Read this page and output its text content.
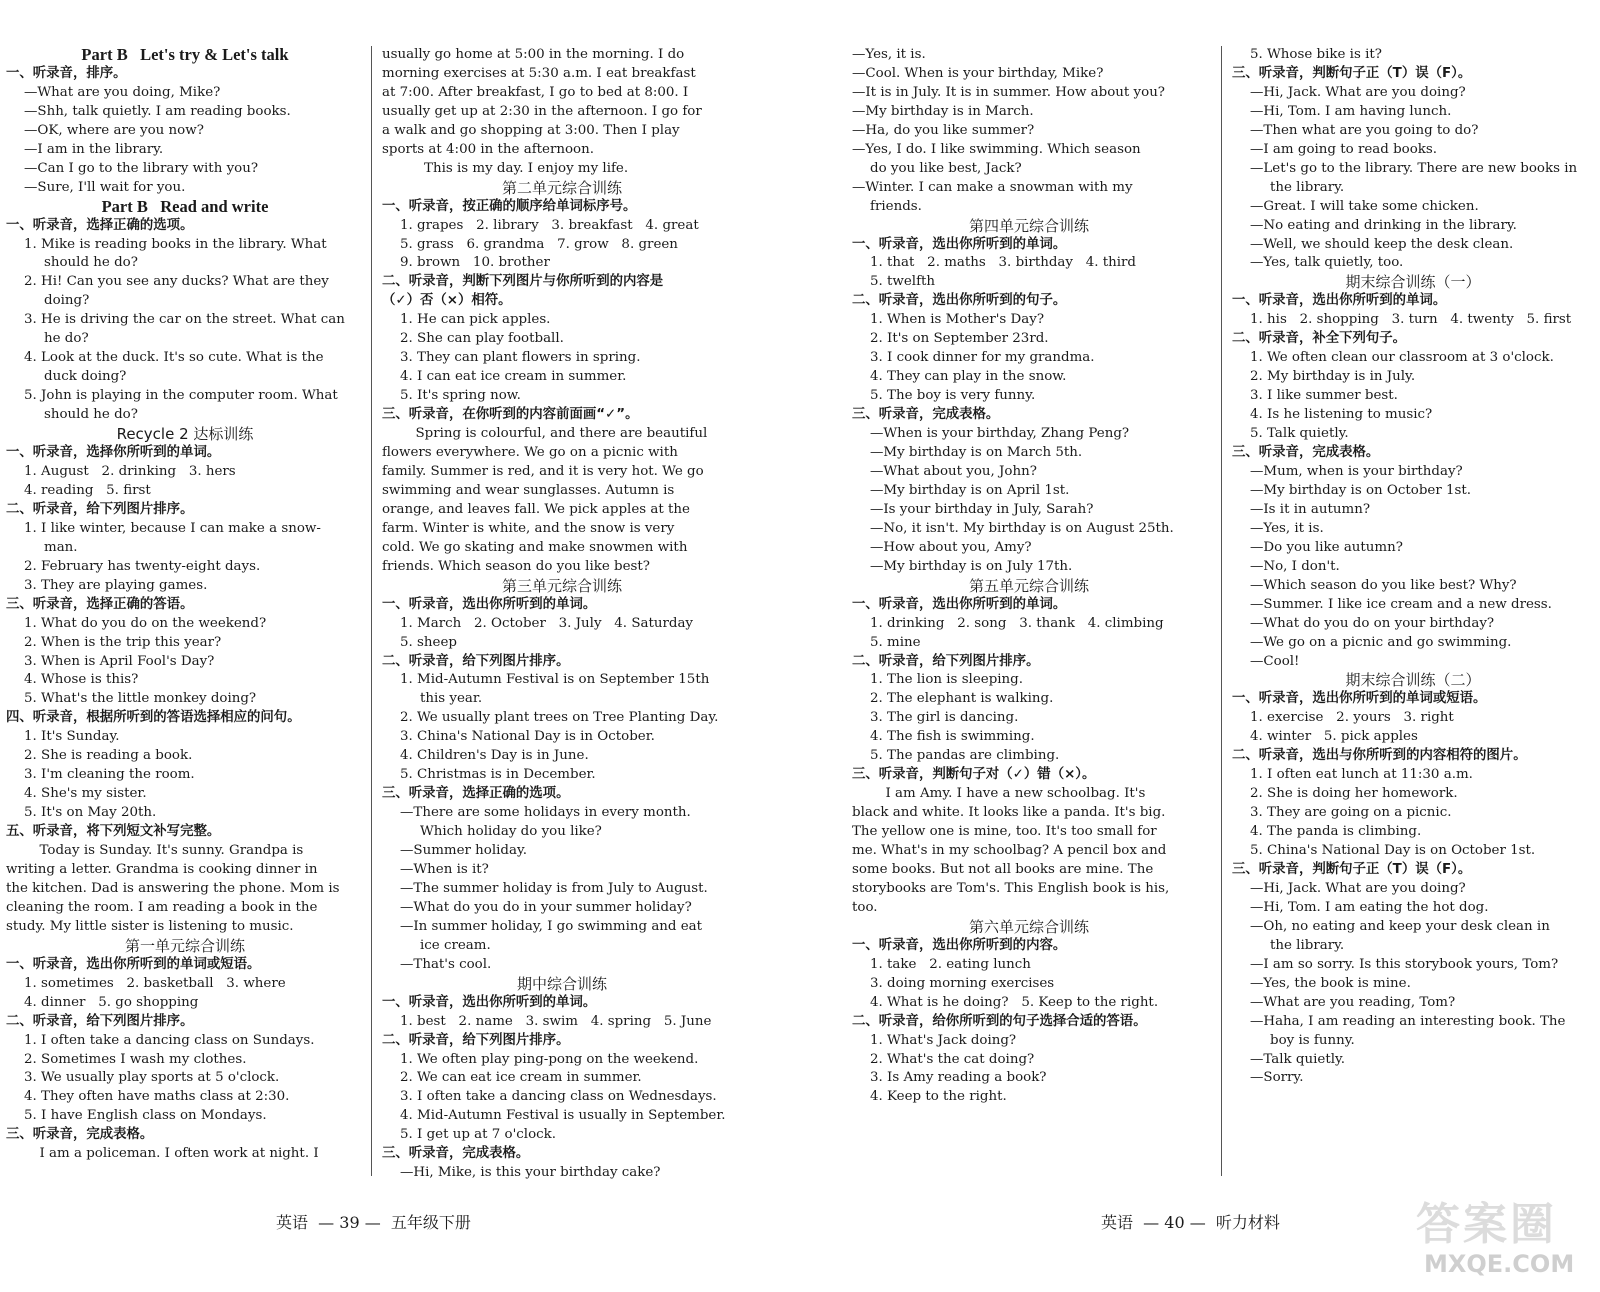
Part B   Let's try & Let's talk
一、听录音，排序。
—What are you doing, Mike?
—Shh, talk quietly. I am reading books.
—OK, where are you now?
—I am in the library.
—Can I go to the library with you?
—Sure, I'll wait for you.
Part B   Read and write
一、听录音，选择正确的选项。
1. Mike is reading books in the library. What
should he do?
2. Hi! Can you see any ducks? What are they
doing?
3. He is driving the car on the street. What can
he do?
4. Look at the duck. It's so cute. What is the
duck doing?
5. John is playing in the computer room. What
should he do?
Recycle 2 达标训练
一、听录音，选择你所听到的单词。
1. August   2. drinking   3. hers
4. reading   5. first
二、听录音，给下列图片排序。
1. I like winter, because I can make a snow-
man.
2. February has twenty-eight days.
3. They are playing games.
三、听录音，选择正确的答语。
1. What do you do on the weekend?
2. When is the trip this year?
3. When is April Fool's Day?
4. Whose is this?
5. What's the little monkey doing?
四、听录音，根据所听到的答语选择相应的问句。
1. It's Sunday.
2. She is reading a book.
3. I'm cleaning the room.
4. She's my sister.
5. It's on May 20th.
五、听录音，将下列短文补写完整。
Today is Sunday. It's sunny. Grandpa is
writing a letter. Grandma is cooking dinner in
the kitchen. Dad is answering the phone. Mom is
cleaning the room. I am reading a book in the
study. My little sister is listening to music.
第一单元综合训练
一、听录音，选出你所听到的单词或短语。
1. sometimes   2. basketball   3. where
4. dinner   5. go shopping
二、听录音，给下列图片排序。
1. I often take a dancing class on Sundays.
2. Sometimes I wash my clothes.
3. We usually play sports at 5 o'clock.
4. They often have maths class at 2:30.
5. I have English class on Mondays.
三、听录音，完成表格。
I am a policeman. I often work at night. I
usually go home at 5:00 in the morning. I do
morning exercises at 5:30 a.m. I eat breakfast
at 7:00. After breakfast, I go to bed at 8:00. I
usually get up at 2:30 in the afternoon. I go for
a walk and go shopping at 3:00. Then I play
sports at 4:00 in the afternoon.
This is my day. I enjoy my life.
第二单元综合训练
一、听录音，按正确的顺序给单词标序号。
1. grapes   2. library   3. breakfast   4. great
5. grass   6. grandma   7. grow   8. green
9. brown   10. brother
二、听录音，判断下列图片与你所听到的内容是
（✓）否（×）相符。
1. He can pick apples.
2. She can play football.
3. They can plant flowers in spring.
4. I can eat ice cream in summer.
5. It's spring now.
三、听录音，在你听到的内容前面画“✓”。
Spring is colourful, and there are beautiful
flowers everywhere. We go on a picnic with
family. Summer is red, and it is very hot. We go
swimming and wear sunglasses. Autumn is
orange, and leaves fall. We pick apples at the
farm. Winter is white, and the snow is very
cold. We go skating and make snowmen with
friends. Which season do you like best?
第三单元综合训练
一、听录音，选出你所听到的单词。
1. March   2. October   3. July   4. Saturday
5. sheep
二、听录音，给下列图片排序。
1. Mid-Autumn Festival is on September 15th
this year.
2. We usually plant trees on Tree Planting Day.
3. China's National Day is in October.
4. Children's Day is in June.
5. Christmas is in December.
三、听录音，选择正确的选项。
—There are some holidays in every month.
Which holiday do you like?
—Summer holiday.
—When is it?
—The summer holiday is from July to August.
—What do you do in your summer holiday?
—In summer holiday, I go swimming and eat
ice cream.
—That's cool.
期中综合训练
一、听录音，选出你所听到的单词。
1. best   2. name   3. swim   4. spring   5. June
二、听录音，给下列图片排序。
1. We often play ping-pong on the weekend.
2. We can eat ice cream in summer.
3. I often take a dancing class on Wednesdays.
4. Mid-Autumn Festival is usually in September.
5. I get up at 7 o'clock.
三、听录音，完成表格。
—Hi, Mike, is this your birthday cake?
—Yes, it is.
—Cool. When is your birthday, Mike?
—It is in July. It is in summer. How about you?
—My birthday is in March.
—Ha, do you like summer?
—Yes, I do. I like swimming. Which season
do you like best, Jack?
—Winter. I can make a snowman with my
friends.
第四单元综合训练
一、听录音，选出你所听到的单词。
1. that   2. maths   3. birthday   4. third
5. twelfth
二、听录音，选出你所听到的句子。
1. When is Mother's Day?
2. It's on September 23rd.
3. I cook dinner for my grandma.
4. They can play in the snow.
5. The boy is very funny.
三、听录音，完成表格。
—When is your birthday, Zhang Peng?
—My birthday is on March 5th.
—What about you, John?
—My birthday is on April 1st.
—Is your birthday in July, Sarah?
—No, it isn't. My birthday is on August 25th.
—How about you, Amy?
—My birthday is on July 17th.
第五单元综合训练
一、听录音，选出你所听到的单词。
1. drinking   2. song   3. thank   4. climbing
5. mine
二、听录音，给下列图片排序。
1. The lion is sleeping.
2. The elephant is walking.
3. The girl is dancing.
4. The fish is swimming.
5. The pandas are climbing.
三、听录音，判断句子对（✓）错（×）。
I am Amy. I have a new schoolbag. It's
black and white. It looks like a panda. It's big.
The yellow one is mine, too. It's too small for
me. What's in my schoolbag? A pencil box and
some books. But not all books are mine. The
storybooks are Tom's. This English book is his,
too.
第六单元综合训练
一、听录音，选出你所听到的内容。
1. take   2. eating lunch
3. doing morning exercises
4. What is he doing?   5. Keep to the right.
二、听录音，给你所听到的句子选择合适的答语。
1. What's Jack doing?
2. What's the cat doing?
3. Is Amy reading a book?
4. Keep to the right.
5. Whose bike is it?
三、听录音，判断句子正（T）误（F）。
—Hi, Jack. What are you doing?
—Hi, Tom. I am having lunch.
—Then what are you going to do?
—I am going to read books.
—Let's go to the library. There are new books in
the library.
—Great. I will take some chicken.
—No eating and drinking in the library.
—Well, we should keep the desk clean.
—Yes, talk quietly, too.
期末综合训练（一）
一、听录音，选出你所听到的单词。
1. his   2. shopping   3. turn   4. twenty   5. first
二、听录音，补全下列句子。
1. We often clean our classroom at 3 o'clock.
2. My birthday is in July.
3. I like summer best.
4. Is he listening to music?
5. Talk quietly.
三、听录音，完成表格。
—Mum, when is your birthday?
—My birthday is on October 1st.
—Is it in autumn?
—Yes, it is.
—Do you like autumn?
—No, I don't.
—Which season do you like best? Why?
—Summer. I like ice cream and a new dress.
—What do you do on your birthday?
—We go on a picnic and go swimming.
—Cool!
期末综合训练（二）
一、听录音，选出你所听到的单词或短语。
1. exercise   2. yours   3. right
4. winter   5. pick apples
二、听录音，选出与你所听到的内容相符的图片。
1. I often eat lunch at 11:30 a.m.
2. She is doing her homework.
3. They are going on a picnic.
4. The panda is climbing.
5. China's National Day is on October 1st.
三、听录音，判断句子正（T）误（F）。
—Hi, Jack. What are you doing?
—Hi, Tom. I am eating the hot dog.
—Oh, no eating and keep your desk clean in
the library.
—I am so sorry. Is this storybook yours, Tom?
—Yes, the book is mine.
—What are you reading, Tom?
—Haha, I am reading an interesting book. The
boy is funny.
—Talk quietly.
—Sorry.
英语  — 39 —  五年级下册	英语  — 40 —  听力材料	答案圈
MXQE.COM
